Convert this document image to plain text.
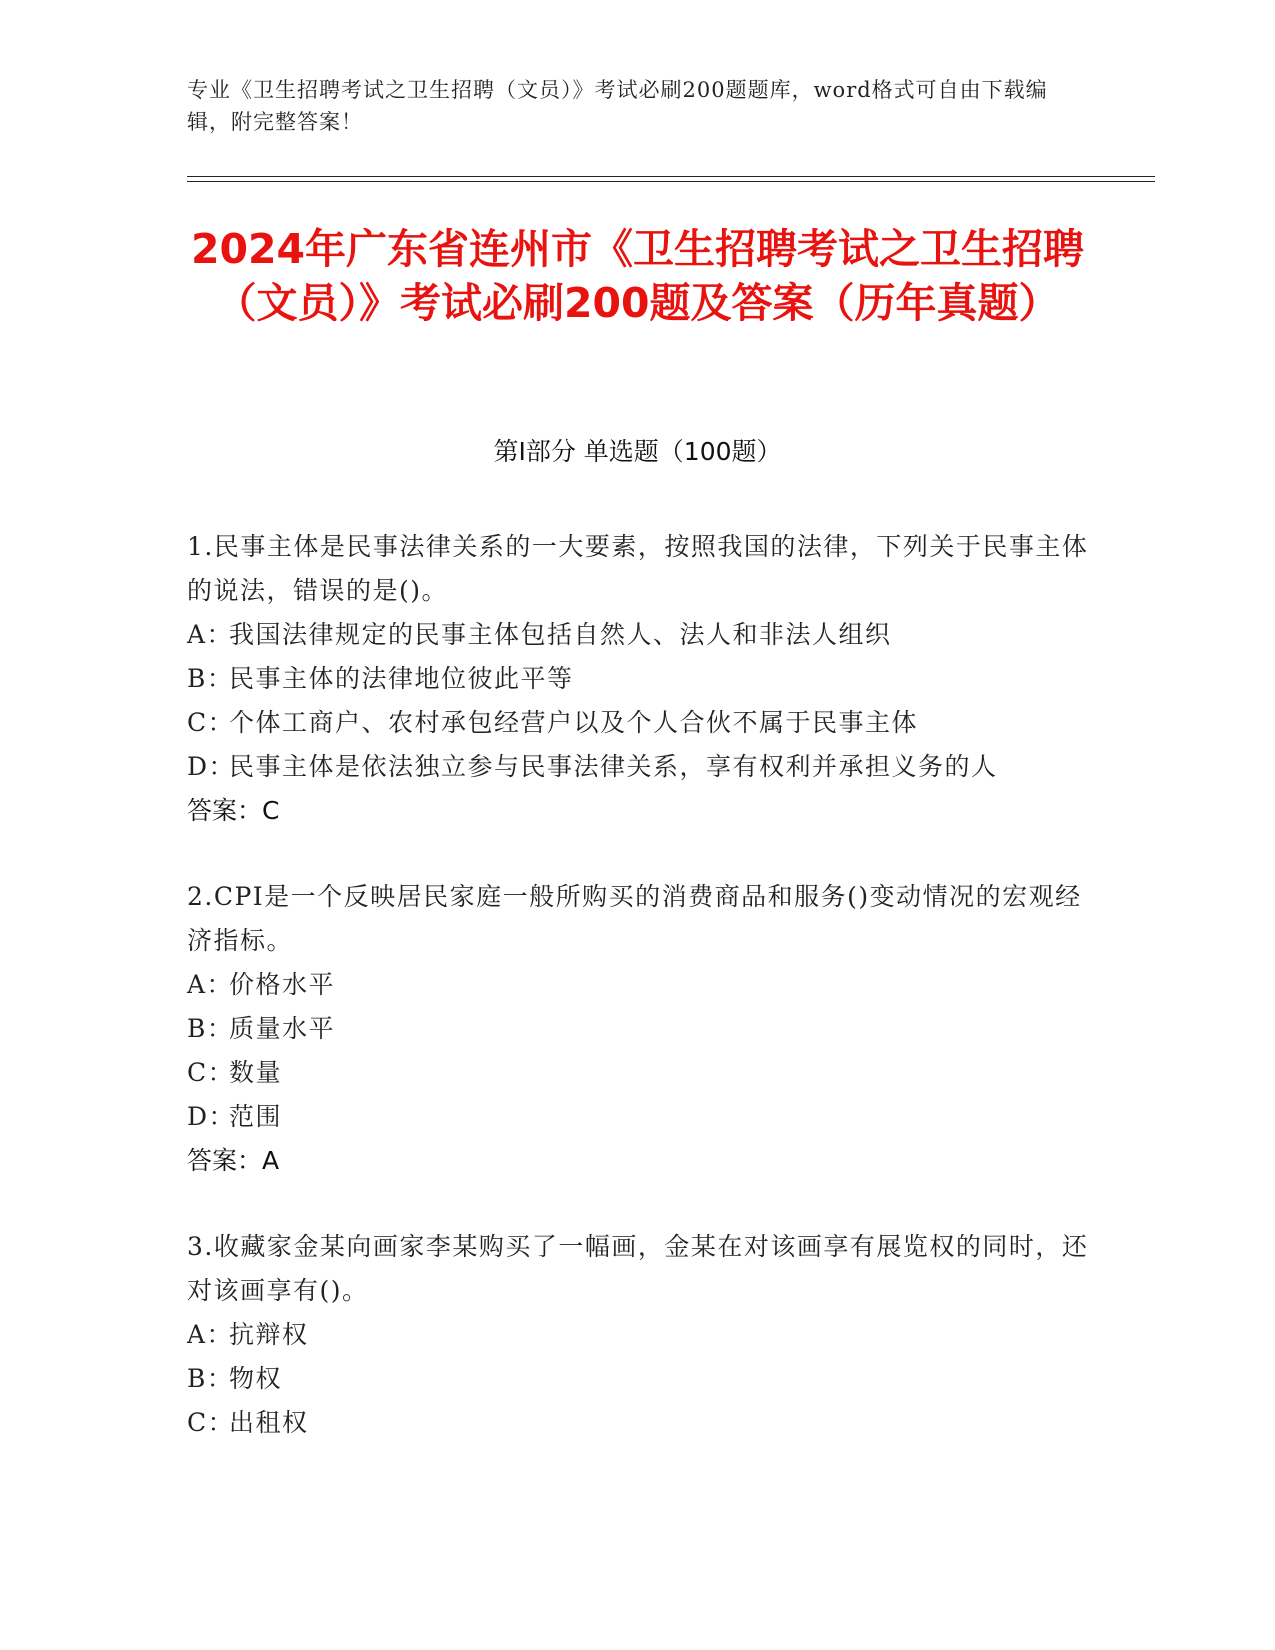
专业《卫生招聘考试之卫生招聘（文员）》考试必刷200题题库，word格式可自由下载编辑，附完整答案！
2024年广东省连州市《卫生招聘考试之卫生招聘（文员）》考试必刷200题及答案（历年真题）
第Ⅰ部分 单选题（100题）
1.民事主体是民事法律关系的一大要素，按照我国的法律，下列关于民事主体的说法，错误的是()。
A：我国法律规定的民事主体包括自然人、法人和非法人组织
B：民事主体的法律地位彼此平等
C：个体工商户、农村承包经营户以及个人合伙不属于民事主体
D：民事主体是依法独立参与民事法律关系，享有权利并承担义务的人
答案：C
2.CPI是一个反映居民家庭一般所购买的消费商品和服务()变动情况的宏观经济指标。
A：价格水平
B：质量水平
C：数量
D：范围
答案：A
3.收藏家金某向画家李某购买了一幅画，金某在对该画享有展览权的同时，还对该画享有()。
A：抗辩权
B：物权
C：出租权
